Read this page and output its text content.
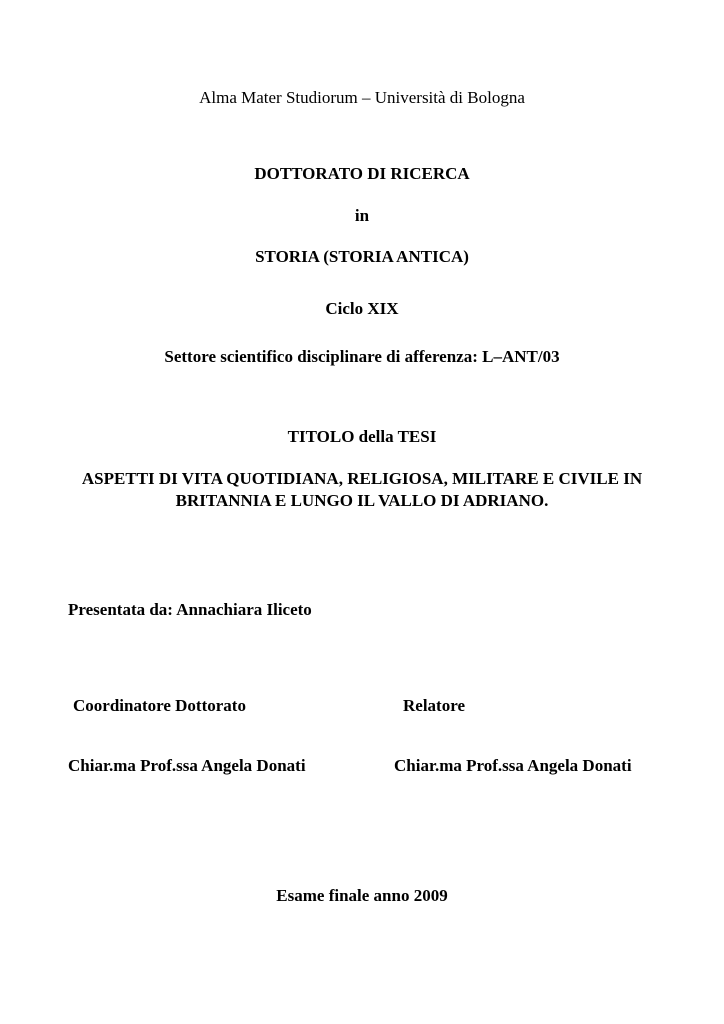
Alma Mater Studiorum – Università di Bologna
DOTTORATO DI RICERCA
in
STORIA (STORIA ANTICA)
Ciclo XIX
Settore scientifico disciplinare di afferenza: L–ANT/03
TITOLO della TESI
ASPETTI DI VITA QUOTIDIANA, RELIGIOSA, MILITARE E CIVILE IN
BRITANNIA E LUNGO IL VALLO DI ADRIANO.
Presentata da: Annachiara Iliceto
Coordinatore Dottorato	Relatore
Chiar.ma Prof.ssa Angela Donati	Chiar.ma Prof.ssa Angela Donati
Esame finale anno 2009
